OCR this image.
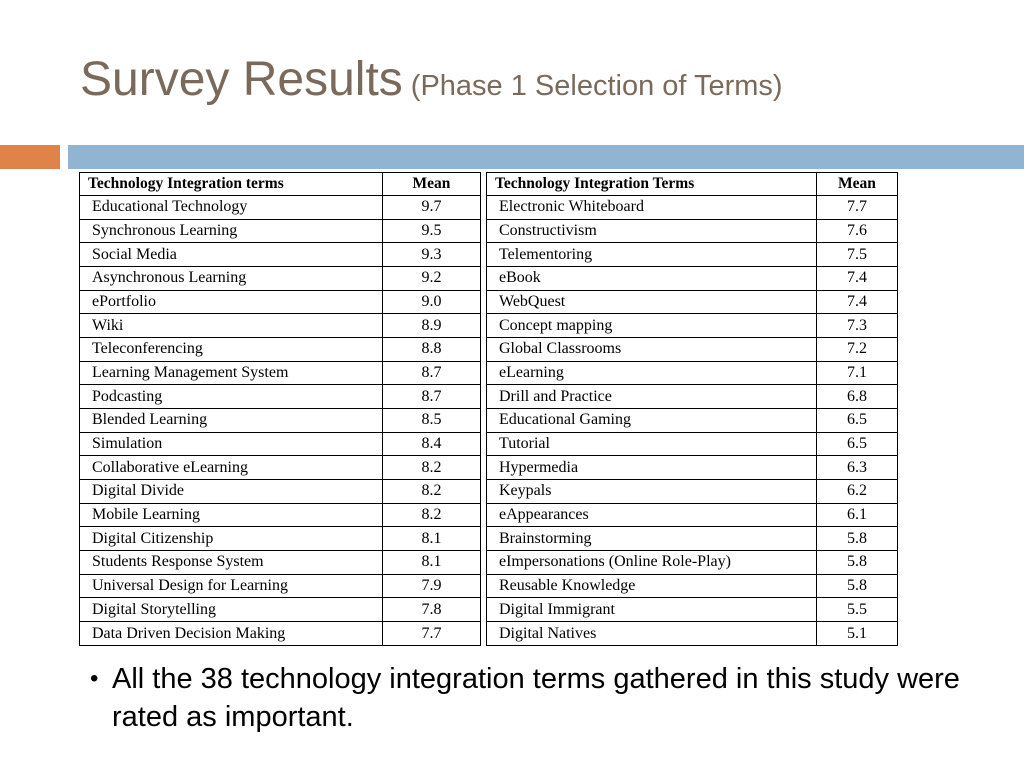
Survey Results (Phase 1 Selection of Terms)
Technology Integration terms	Mean		Technology Integration Terms	Mean
Educational Technology	9.7		Electronic Whiteboard	7.7
Synchronous Learning	9.5		Constructivism	7.6
Social Media	9.3		Telementoring	7.5
Asynchronous Learning	9.2		eBook	7.4
ePortfolio	9.0		WebQuest	7.4
Wiki	8.9		Concept mapping	7.3
Teleconferencing	8.8		Global Classrooms	7.2
Learning Management System	8.7		eLearning	7.1
Podcasting	8.7		Drill and Practice	6.8
Blended Learning	8.5		Educational Gaming	6.5
Simulation	8.4		Tutorial	6.5
Collaborative eLearning	8.2		Hypermedia	6.3
Digital Divide	8.2		Keypals	6.2
Mobile Learning	8.2		eAppearances	6.1
Digital Citizenship	8.1		Brainstorming	5.8
Students Response System	8.1		eImpersonations (Online Role-Play)	5.8
Universal Design for Learning	7.9		Reusable Knowledge	5.8
Digital Storytelling	7.8		Digital Immigrant	5.5
Data Driven Decision Making	7.7		Digital Natives	5.1
• All the 38 technology integration terms gathered in this study were rated as important.
